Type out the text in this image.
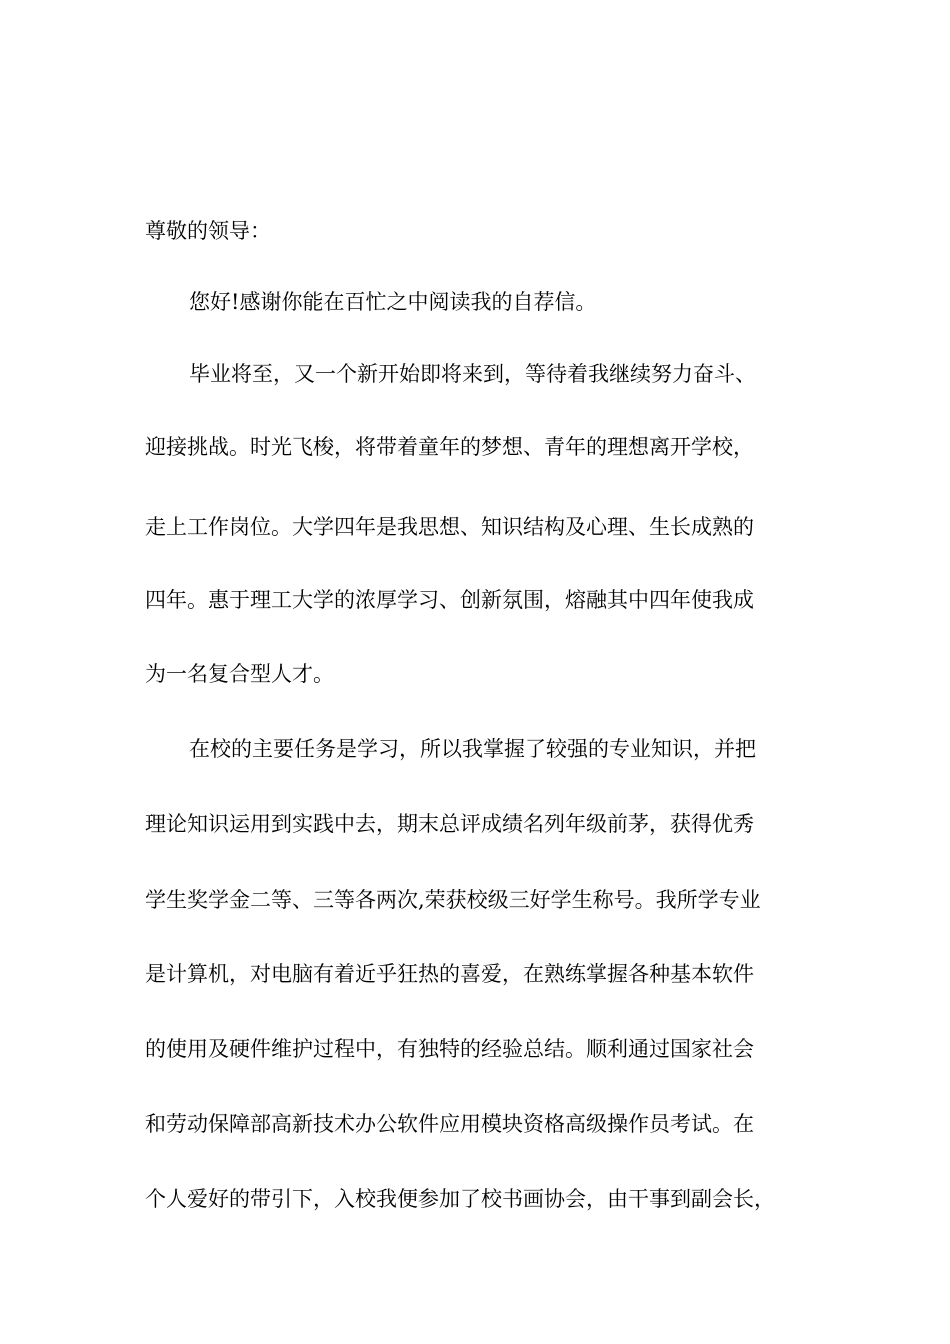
尊敬的领导：
您好!感谢你能在百忙之中阅读我的自荐信。
毕业将至，又一个新开始即将来到，等待着我继续努力奋斗、
迎接挑战。时光飞梭，将带着童年的梦想、青年的理想离开学校，
走上工作岗位。大学四年是我思想、知识结构及心理、生长成熟的
四年。惠于理工大学的浓厚学习、创新氛围，熔融其中四年使我成
为一名复合型人才。
在校的主要任务是学习，所以我掌握了较强的专业知识，并把
理论知识运用到实践中去，期末总评成绩名列年级前茅，获得优秀
学生奖学金二等、三等各两次,荣获校级三好学生称号。我所学专业
是计算机，对电脑有着近乎狂热的喜爱，在熟练掌握各种基本软件
的使用及硬件维护过程中，有独特的经验总结。顺利通过国家社会
和劳动保障部高新技术办公软件应用模块资格高级操作员考试。在
个人爱好的带引下，入校我便参加了校书画协会，由干事到副会长，
